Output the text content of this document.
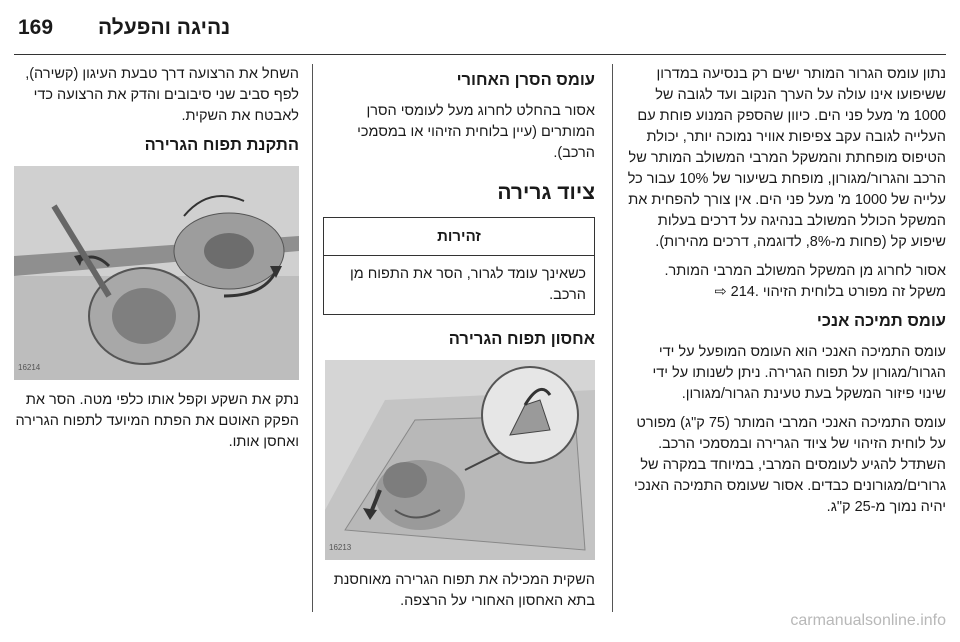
169 נהיגה והפעלה

נתון עומס הגרור המותר ישים רק בנסיעה במדרון ששיפועו אינו עולה על הערך הנקוב ועד לגובה של 1000 מ' מעל פני הים. כיוון שהספק המנוע פוחת עם העלייה לגובה עקב צפיפות אוויר נמוכה יותר, יכולת הטיפוס מופחתת והמשקל המרבי המשולב המותר של הרכב והגרור/מגורון, מופחת בשיעור של 10% עבור כל עלייה של 1000 מ' מעל פני הים. אין צורך להפחית את המשקל הכולל המשולב בנהיגה על דרכים בעלות שיפוע קל (פחות מ-8%, לדוגמה, דרכים מהירות).

אסור לחרוג מן המשקל המשולב המרבי המותר. משקל זה מפורט בלוחית הזיהוי .214 ⇨

עומס תמיכה אנכי

עומס התמיכה האנכי הוא העומס המופעל על ידי הגרור/מגורון על תפוח הגרירה. ניתן לשנותו על ידי שינוי פיזור המשקל בעת טעינת הגרור/מגורון.

עומס התמיכה האנכי המרבי המותר (75 ק"ג) מפורט על לוחית הזיהוי של ציוד הגרירה ובמסמכי הרכב. השתדל להגיע לעומסים המרבי, במיוחד במקרה של גרורים/מגורונים כבדים. אסור שעומס התמיכה האנכי יהיה נמוך מ-25 ק"ג.

עומס הסרן האחורי

אסור בהחלט לחרוג מעל לעומסי הסרן המותרים (עיין בלוחית הזיהוי או במסמכי הרכב).

ציוד גרירה
זהירות
כשאינך עומד לגרור, הסר את התפוח מן הרכב.
אחסון תפוח הגרירה
16213

השקית המכילה את תפוח הגרירה מאוחסנת בתא האחסון האחורי על הרצפה.

השחל את הרצועה דרך טבעת העיגון (קשירה), לפף סביב שני סיבובים והדק את הרצועה כדי לאבטח את השקית.

התקנת תפוח הגרירה
16214

נתק את השקע וקפל אותו כלפי מטה. הסר את הפקק האוטם את הפתח המיועד לתפוח הגרירה ואחסן אותו.

carmanualsonline.info
